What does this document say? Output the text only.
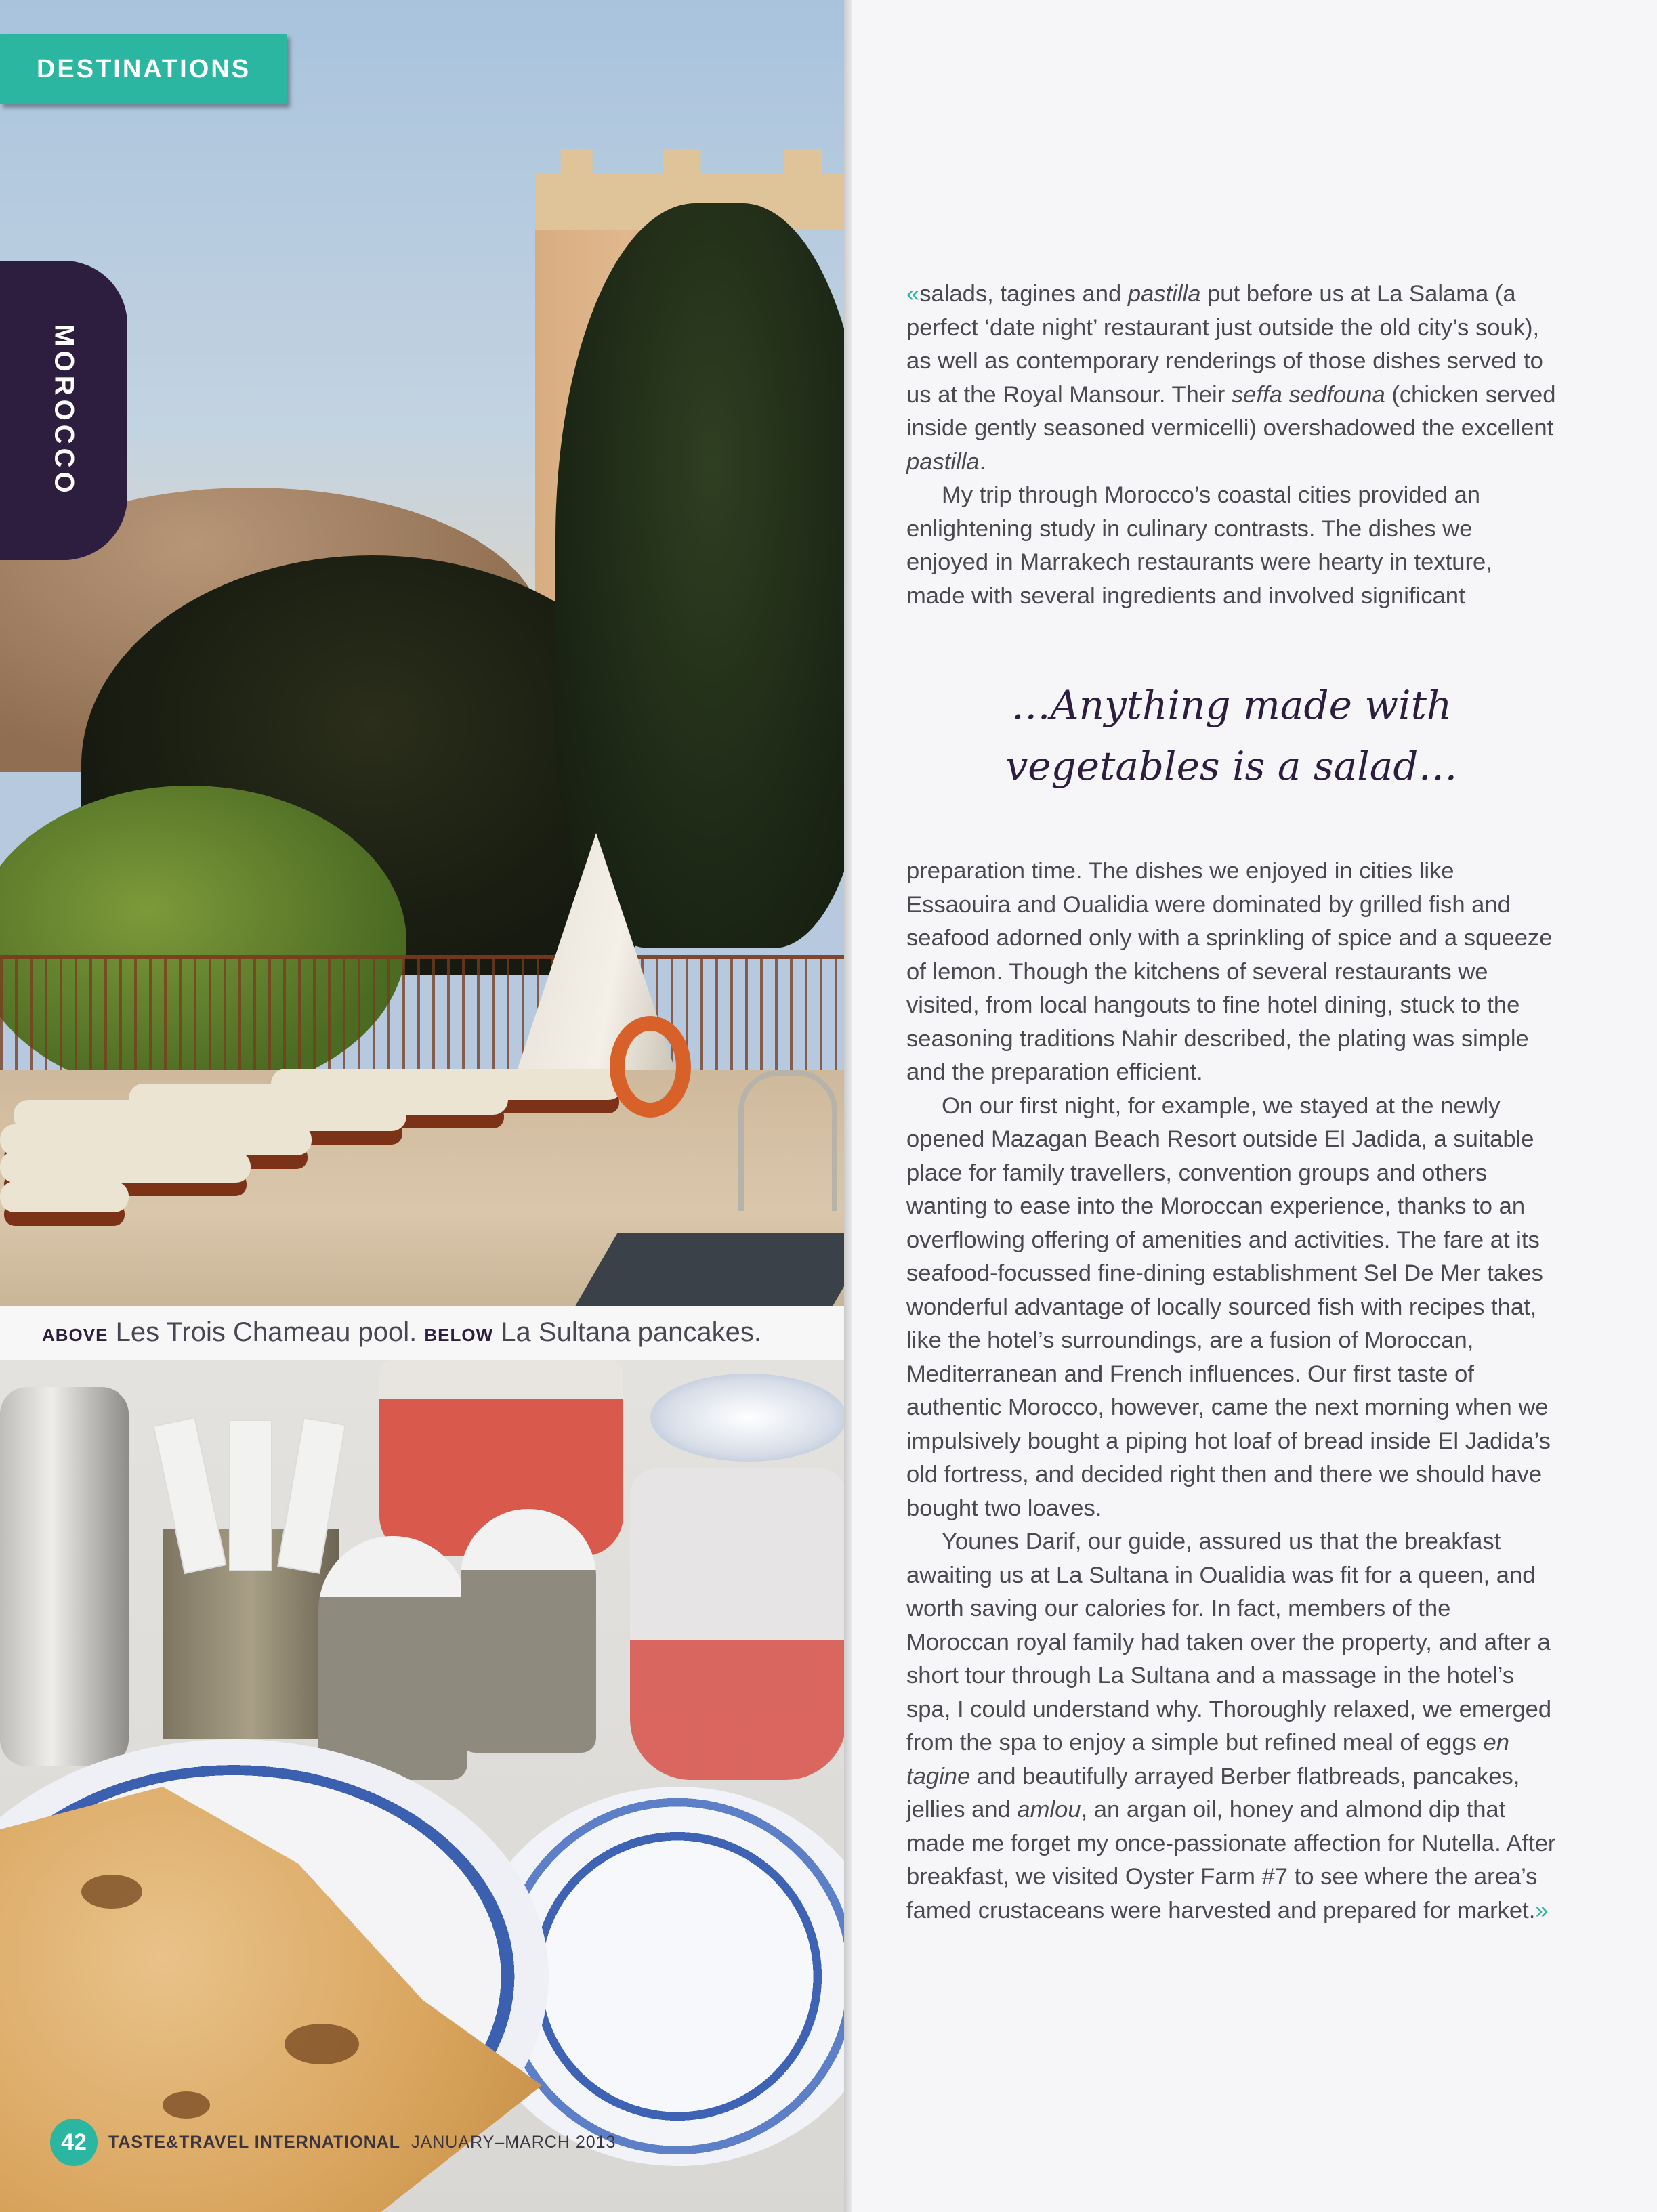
DESTINATIONS
MOROCCO
ABOVE Les Trois Chameau pool. BELOW La Sultana pancakes.
42	TASTE&TRAVEL INTERNATIONAL JANUARY–MARCH 2013

«salads, tagines and pastilla put before us at La Salama (a perfect ‘date night’ restaurant just outside the old city’s souk), as well as contemporary renderings of those dishes served to us at the Royal Mansour. Their seffa sedfouna (chicken served inside gently seasoned vermicelli) overshadowed the excellent pastilla.

My trip through Morocco’s coastal cities provided an enlightening study in culinary contrasts. The dishes we enjoyed in Marrakech restaurants were hearty in texture, made with several ingredients and involved significant

…Anything made with
vegetables is a salad…

preparation time. The dishes we enjoyed in cities like Essaouira and Oualidia were dominated by grilled fish and seafood adorned only with a sprinkling of spice and a squeeze of lemon. Though the kitchens of several restaurants we visited, from local hangouts to fine hotel dining, stuck to the seasoning traditions Nahir described, the plating was simple and the preparation efficient.

On our first night, for example, we stayed at the newly opened Mazagan Beach Resort outside El Jadida, a suitable place for family travellers, convention groups and others wanting to ease into the Moroccan experience, thanks to an overflowing offering of amenities and activities. The fare at its seafood-focussed fine-dining establishment Sel De Mer takes wonderful advantage of locally sourced fish with recipes that, like the hotel’s surroundings, are a fusion of Moroccan, Mediterranean and French influences. Our first taste of authentic Morocco, however, came the next morning when we impulsively bought a piping hot loaf of bread inside El Jadida’s old fortress, and decided right then and there we should have bought two loaves.

Younes Darif, our guide, assured us that the breakfast awaiting us at La Sultana in Oualidia was fit for a queen, and worth saving our calories for. In fact, members of the Moroccan royal family had taken over the property, and after a short tour through La Sultana and a massage in the hotel’s spa, I could understand why. Thoroughly relaxed, we emerged from the spa to enjoy a simple but refined meal of eggs en tagine and beautifully arrayed Berber flatbreads, pancakes, jellies and amlou, an argan oil, honey and almond dip that made me forget my once-passionate affection for Nutella. After breakfast, we visited Oyster Farm #7 to see where the area’s famed crustaceans were harvested and prepared for market.»
